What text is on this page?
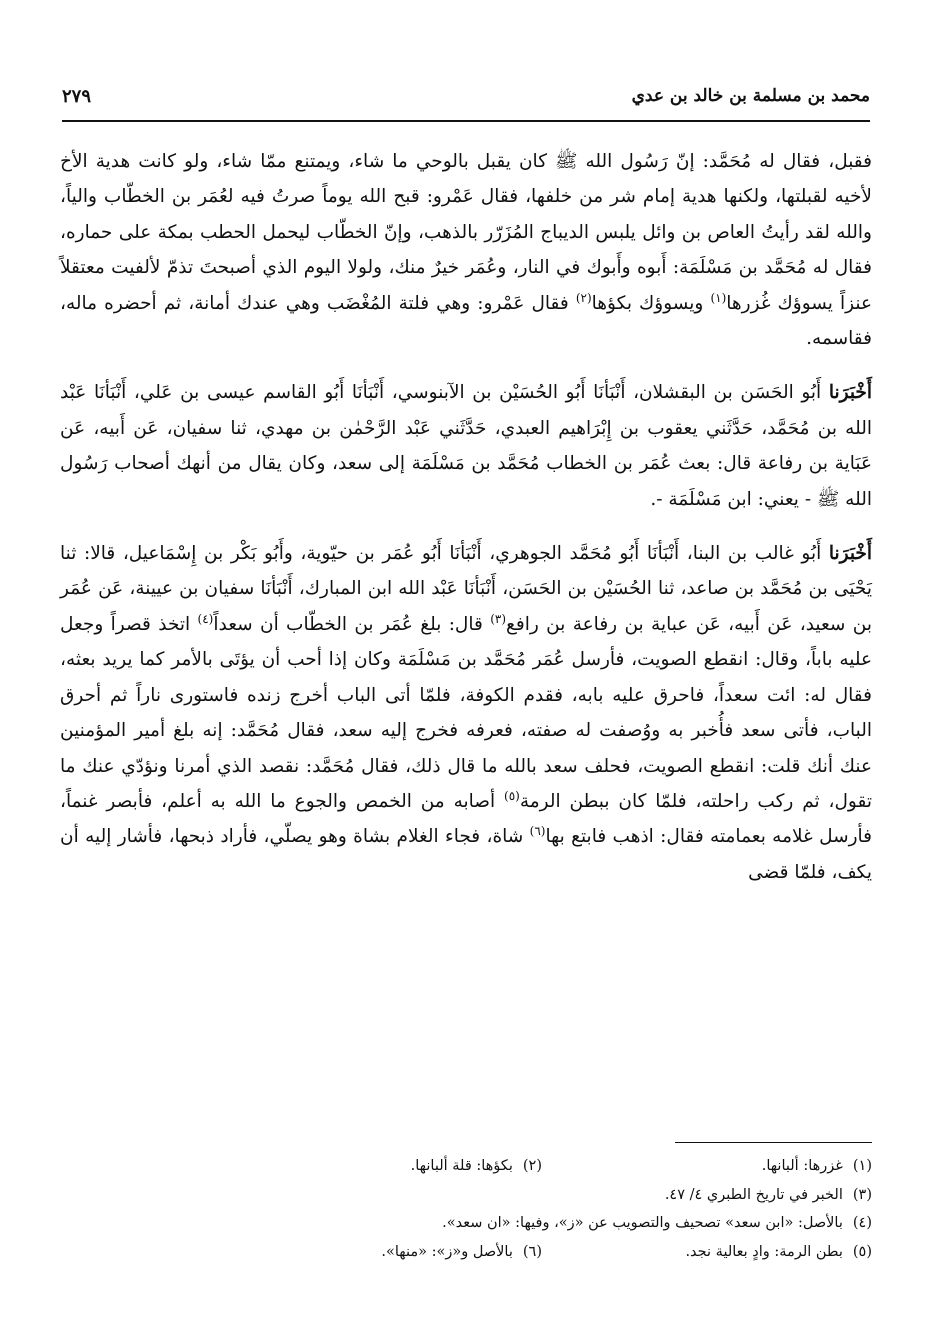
محمد بن مسلمة بن خالد بن عدي
٢٧٩

فقبل، فقال له مُحَمَّد: إنّ رَسُول الله ﷺ كان يقبل بالوحي ما شاء، ويمتنع ممّا شاء، ولو كانت هدية الأخ لأخيه لقبلتها، ولكنها هدية إمام شر من خلفها، فقال عَمْرو: قبح الله يوماً صرتُ فيه لعُمَر بن الخطّاب والياً، والله لقد رأيتُ العاص بن وائل يلبس الديباج المُزَرّر بالذهب، وإنّ الخطّاب ليحمل الحطب بمكة على حماره، فقال له مُحَمَّد بن مَسْلَمَة: أَبوه وأَبوك في النار، وعُمَر خيرٌ منك، ولولا اليوم الذي أصبحتَ تذمّ لألفيت معتقلاً عنزاً يسوؤك غُزرها$^{(١)}$ ويسوؤك بكؤها$^{(٢)}$ فقال عَمْرو: وهي فلتة المُغْضَب وهي عندك أمانة، ثم أحضره ماله، فقاسمه.

أَخْبَرَنا أَبُو الحَسَن بن البقشلان، أَنْبَأنَا أَبُو الحُسَيْن بن الآبنوسي، أَنْبَأنَا أَبُو القاسم عيسى بن عَلي، أَنْبَأنَا عَبْد الله بن مُحَمَّد، حَدَّثَني يعقوب بن إِبْرَاهيم العبدي، حَدَّثَني عَبْد الرَّحْمٰن بن مهدي، ثنا سفيان، عَن أَبيه، عَن عَبَاية بن رفاعة قال: بعث عُمَر بن الخطاب مُحَمَّد بن مَسْلَمَة إلى سعد، وكان يقال من أنهك أصحاب رَسُول الله ﷺ - يعني: ابن مَسْلَمَة -.

أَخْبَرَنا أَبُو غالب بن البنا، أَنْبَأنَا أَبُو مُحَمَّد الجوهري، أَنْبَأنَا أَبُو عُمَر بن حيّوية، وأَبُو بَكْر بن إِسْمَاعيل، قالا: ثنا يَحْيَى بن مُحَمَّد بن صاعد، ثنا الحُسَيْن بن الحَسَن، أَنْبَأنَا عَبْد الله ابن المبارك، أَنْبَأنَا سفيان بن عيينة، عَن عُمَر بن سعيد، عَن أَبيه، عَن عباية بن رفاعة بن رافع$^{(٣)}$ قال: بلغ عُمَر بن الخطّاب أن سعداً$^{(٤)}$ اتخذ قصراً وجعل عليه باباً، وقال: انقطع الصويت، فأرسل عُمَر مُحَمَّد بن مَسْلَمَة وكان إذا أحب أن يؤتَى بالأمر كما يريد بعثه، فقال له: ائت سعداً، فاحرق عليه بابه، فقدم الكوفة، فلمّا أتى الباب أخرج زنده فاستورى ناراً ثم أحرق الباب، فأتى سعد فأُخبر به ووُصفت له صفته، فعرفه فخرج إليه سعد، فقال مُحَمَّد: إنه بلغ أمير المؤمنين عنك أنك قلت: انقطع الصويت، فحلف سعد بالله ما قال ذلك، فقال مُحَمَّد: نقصد الذي أمرنا ونؤدّي عنك ما تقول، ثم ركب راحلته، فلمّا كان ببطن الرمة$^{(٥)}$ أصابه من الخمص والجوع ما الله به أعلم، فأبصر غنماً، فأرسل غلامه بعمامته فقال: اذهب فابتع بها$^{(٦)}$ شاة، فجاء الغلام بشاة وهو يصلّي، فأراد ذبحها، فأشار إليه أن يكف، فلمّا قضى

(١)غزرها: ألبانها.
(٢)بكؤها: قلة ألبانها.
(٣)الخبر في تاريخ الطبري ٤/ ٤٧.
(٤)بالأصل: «ابن سعد» تصحيف والتصويب عن «ز»، وفيها: «ان سعد».
(٥)بطن الرمة: وادٍ بعالية نجد.
(٦)بالأصل و«ز»: «منها».
